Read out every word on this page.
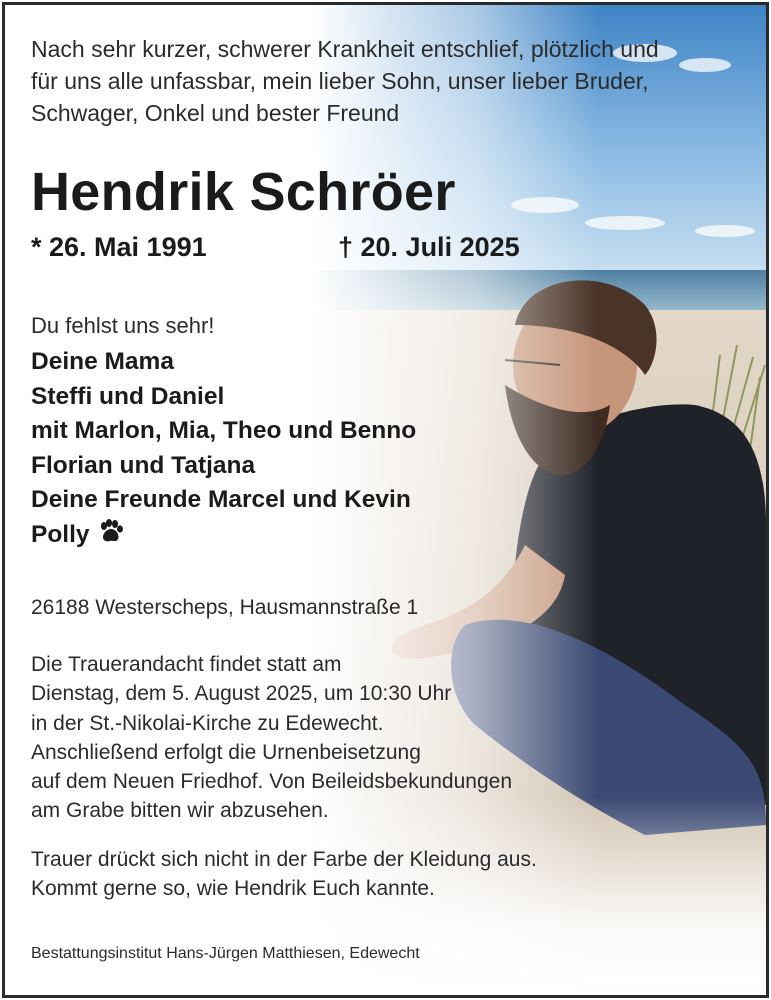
Nach sehr kurzer, schwerer Krankheit entschlief, plötzlich und
für uns alle unfassbar, mein lieber Sohn, unser lieber Bruder,
Schwager, Onkel und bester Freund
Hendrik Schröer
* 26. Mai 1991	† 20. Juli 2025
Du fehlst uns sehr!
Deine Mama
Steffi und Daniel
mit Marlon, Mia, Theo und Benno
Florian und Tatjana
Deine Freunde Marcel und Kevin
Polly
26188 Westerscheps, Hausmannstraße 1
Die Trauerandacht findet statt am
Dienstag, dem 5. August 2025, um 10:30 Uhr
in der St.-Nikolai-Kirche zu Edewecht.
Anschließend erfolgt die Urnenbeisetzung
auf dem Neuen Friedhof. Von Beileidsbekundungen
am Grabe bitten wir abzusehen.
Trauer drückt sich nicht in der Farbe der Kleidung aus.
Kommt gerne so, wie Hendrik Euch kannte.
Bestattungsinstitut Hans-Jürgen Matthiesen, Edewecht
